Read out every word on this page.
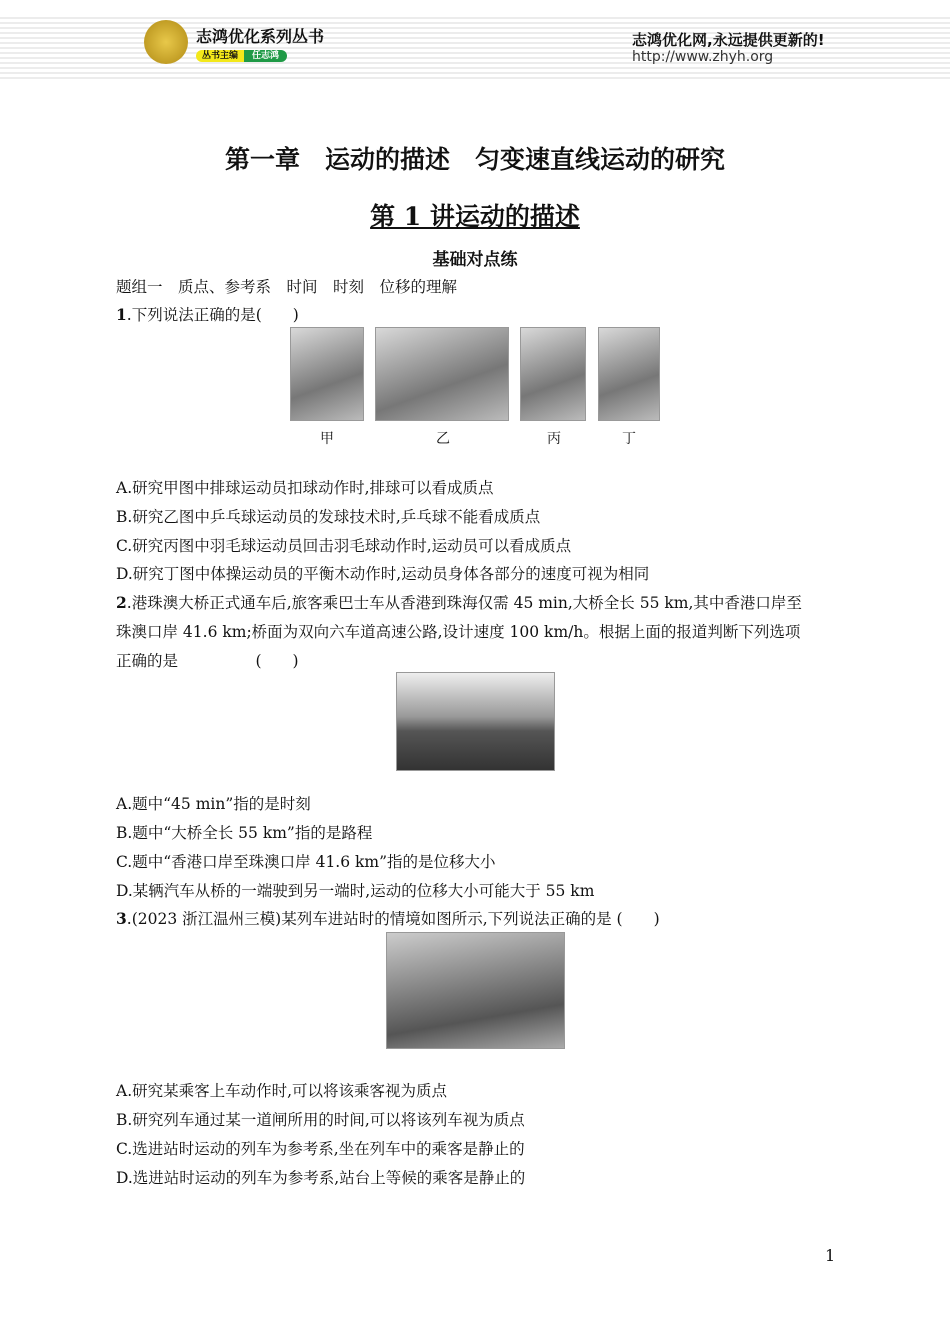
志鸿优化系列丛书
丛书主编 任志鸿
志鸿优化网,永远提供更新的!
http://www.zhyh.org
第一章　运动的描述　匀变速直线运动的研究
第 1 讲运动的描述
基础对点练
题组一　质点、参考系　时间　时刻　位移的理解
1.下列说法正确的是(　　)
甲	乙	丙	丁
A.研究甲图中排球运动员扣球动作时,排球可以看成质点
B.研究乙图中乒乓球运动员的发球技术时,乒乓球不能看成质点
C.研究丙图中羽毛球运动员回击羽毛球动作时,运动员可以看成质点
D.研究丁图中体操运动员的平衡木动作时,运动员身体各部分的速度可视为相同
2.港珠澳大桥正式通车后,旅客乘巴士车从香港到珠海仅需 45 min,大桥全长 55 km,其中香港口岸至
珠澳口岸 41.6 km;桥面为双向六车道高速公路,设计速度 100 km/h。根据上面的报道判断下列选项
正确的是　　　　　(　　)
A.题中“45 min”指的是时刻
B.题中“大桥全长 55 km”指的是路程
C.题中“香港口岸至珠澳口岸 41.6 km”指的是位移大小
D.某辆汽车从桥的一端驶到另一端时,运动的位移大小可能大于 55 km
3.(2023 浙江温州三模)某列车进站时的情境如图所示,下列说法正确的是 (　　)
A.研究某乘客上车动作时,可以将该乘客视为质点
B.研究列车通过某一道闸所用的时间,可以将该列车视为质点
C.选进站时运动的列车为参考系,坐在列车中的乘客是静止的
D.选进站时运动的列车为参考系,站台上等候的乘客是静止的
1
